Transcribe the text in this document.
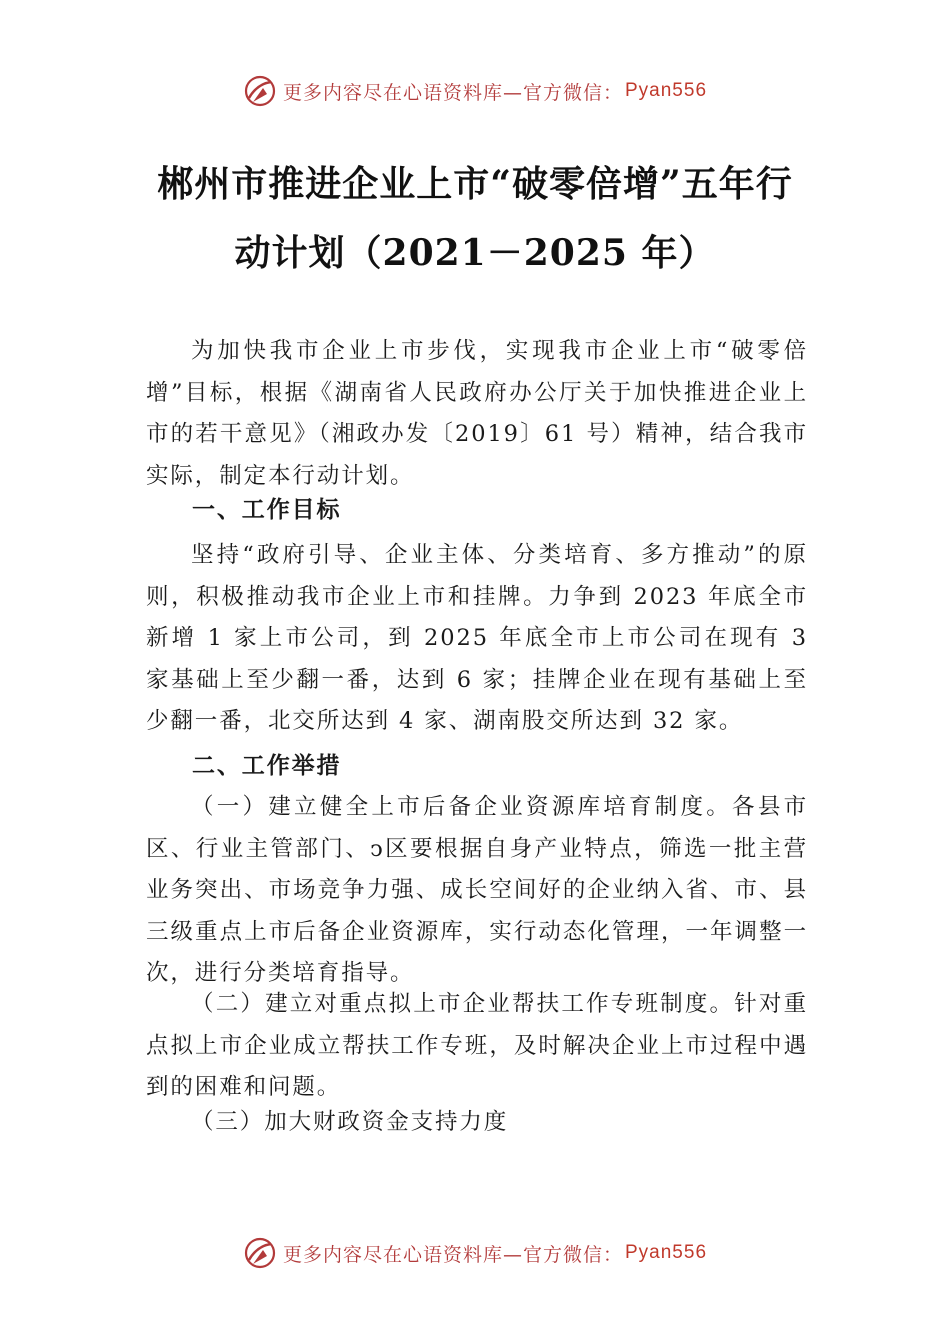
更多内容尽在心语资料库—官方微信： Pyan556
郴州市推进企业上市“破零倍增”五年行
动计划（2021－2025 年）

为加快我市企业上市步伐，实现我市企业上市“破零倍增”目标，根据《湖南省人民政府办公厅关于加快推进企业上市的若干意见》（湘政办发〔2019〕61 号）精神，结合我市实际，制定本行动计划。

一、工作目标

坚持“政府引导、企业主体、分类培育、多方推动”的原则，积极推动我市企业上市和挂牌。力争到 2023 年底全市新增 1 家上市公司，到 2025 年底全市上市公司在现有 3 家基础上至少翻一番，达到 6 家；挂牌企业在现有基础上至少翻一番，北交所达到 4 家、湖南股交所达到 32 家。

二、工作举措

（一）建立健全上市后备企业资源库培育制度。各县市区、行业主管部门、ↄ区要根据自身产业特点，筛选一批主营业务突出、市场竞争力强、成长空间好的企业纳入省、市、县三级重点上市后备企业资源库，实行动态化管理，一年调整一次，进行分类培育指导。

（二）建立对重点拟上市企业帮扶工作专班制度。针对重点拟上市企业成立帮扶工作专班，及时解决企业上市过程中遇到的困难和问题。

（三）加大财政资金支持力度

更多内容尽在心语资料库—官方微信： Pyan556
